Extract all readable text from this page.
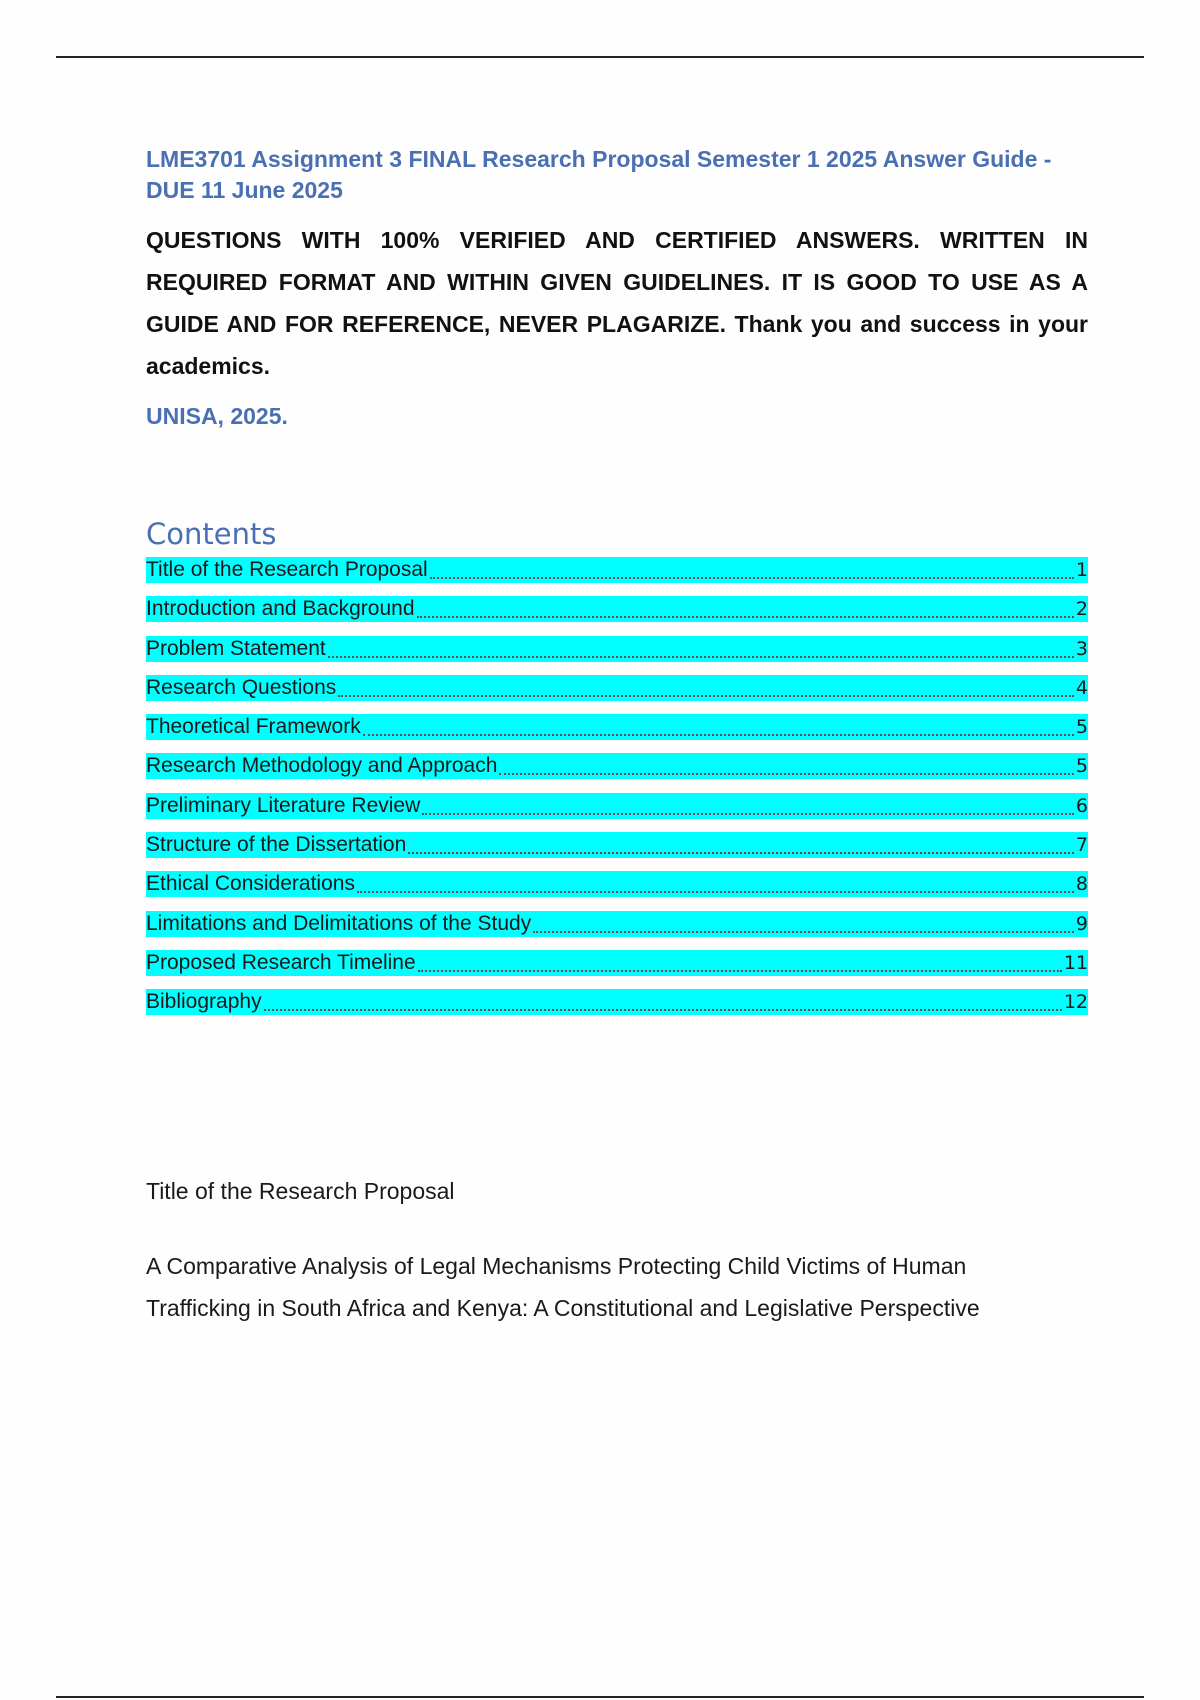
LME3701 Assignment 3 FINAL Research Proposal Semester 1 2025 Answer Guide - DUE 11 June 2025
QUESTIONS WITH 100% VERIFIED AND CERTIFIED ANSWERS. WRITTEN IN REQUIRED FORMAT AND WITHIN GIVEN GUIDELINES. IT IS GOOD TO USE AS A GUIDE AND FOR REFERENCE, NEVER PLAGARIZE. Thank you and success in your academics.
UNISA, 2025.
Contents
Title of the Research Proposal	1
Introduction and Background	2
Problem Statement	3
Research Questions	4
Theoretical Framework	5
Research Methodology and Approach	5
Preliminary Literature Review	6
Structure of the Dissertation	7
Ethical Considerations	8
Limitations and Delimitations of the Study	9
Proposed Research Timeline	11
Bibliography	12
Title of the Research Proposal
A Comparative Analysis of Legal Mechanisms Protecting Child Victims of Human Trafficking in South Africa and Kenya: A Constitutional and Legislative Perspective
